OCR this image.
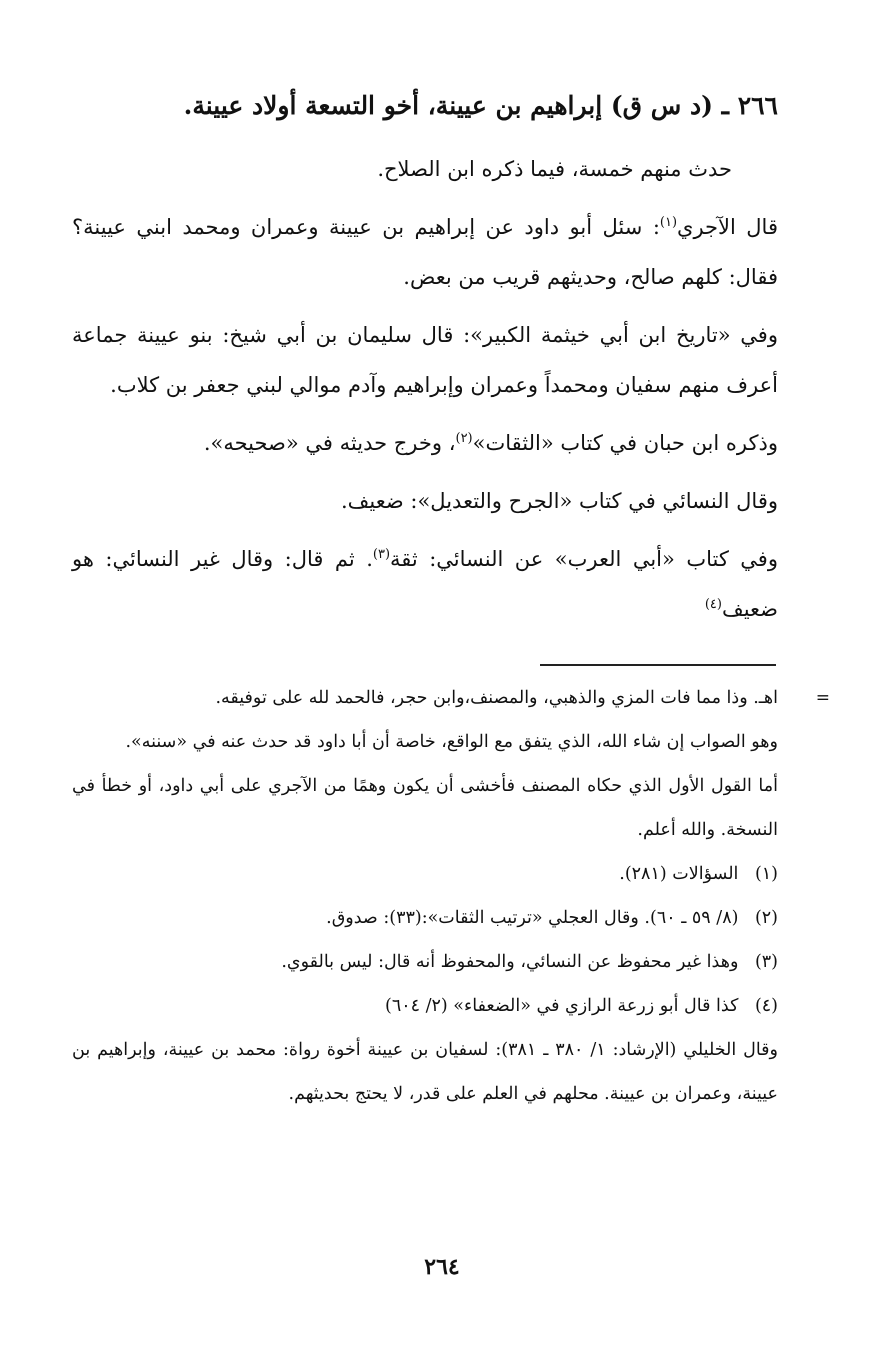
٢٦٦ ـ (د س ق) إبراهيم بن عيينة، أخو التسعة أولاد عيينة.

حدث منهم خمسة، فيما ذكره ابن الصلاح.

قال الآجري$^{(١)}$: سئل أبو داود عن إبراهيم بن عيينة وعمران ومحمد ابني عيينة؟ فقال: كلهم صالح، وحديثهم قريب من بعض.

وفي «تاريخ ابن أبي خيثمة الكبير»: قال سليمان بن أبي شيخ: بنو عيينة جماعة أعرف منهم سفيان ومحمداً وعمران وإبراهيم وآدم موالي لبني جعفر بن كلاب.

وذكره ابن حبان في كتاب «الثقات»$^{(٢)}$، وخرج حديثه في «صحيحه».

وقال النسائي في كتاب «الجرح والتعديل»: ضعيف.

وفي كتاب «أبي العرب» عن النسائي: ثقة$^{(٣)}$. ثم قال: وقال غير النسائي: هو ضعيف$^{(٤)}$

=

اهـ. وذا مما فات المزي والذهبي، والمصنف،وابن حجر، فالحمد لله على توفيقه.

وهو الصواب إن شاء الله، الذي يتفق مع الواقع، خاصة أن أبا داود قد حدث عنه في «سننه».

أما القول الأول الذي حكاه المصنف فأخشى أن يكون وهمًا من الآجري على أبي داود، أو خطأ في النسخة. والله أعلم.

(١) السؤالات (٢٨١).

(٢) (٨/ ٥٩ ـ ٦٠). وقال العجلي «ترتيب الثقات»:(٣٣): صدوق.

(٣) وهذا غير محفوظ عن النسائي، والمحفوظ أنه قال: ليس بالقوي.

(٤) كذا قال أبو زرعة الرازي في «الضعفاء» (٢/ ٦٠٤)

وقال الخليلي (الإرشاد: ١/ ٣٨٠ ـ ٣٨١): لسفيان بن عيينة أخوة رواة: محمد بن عيينة، وإبراهيم بن عيينة، وعمران بن عيينة. محلهم في العلم على قدر، لا يحتج بحديثهم.

٢٦٤
